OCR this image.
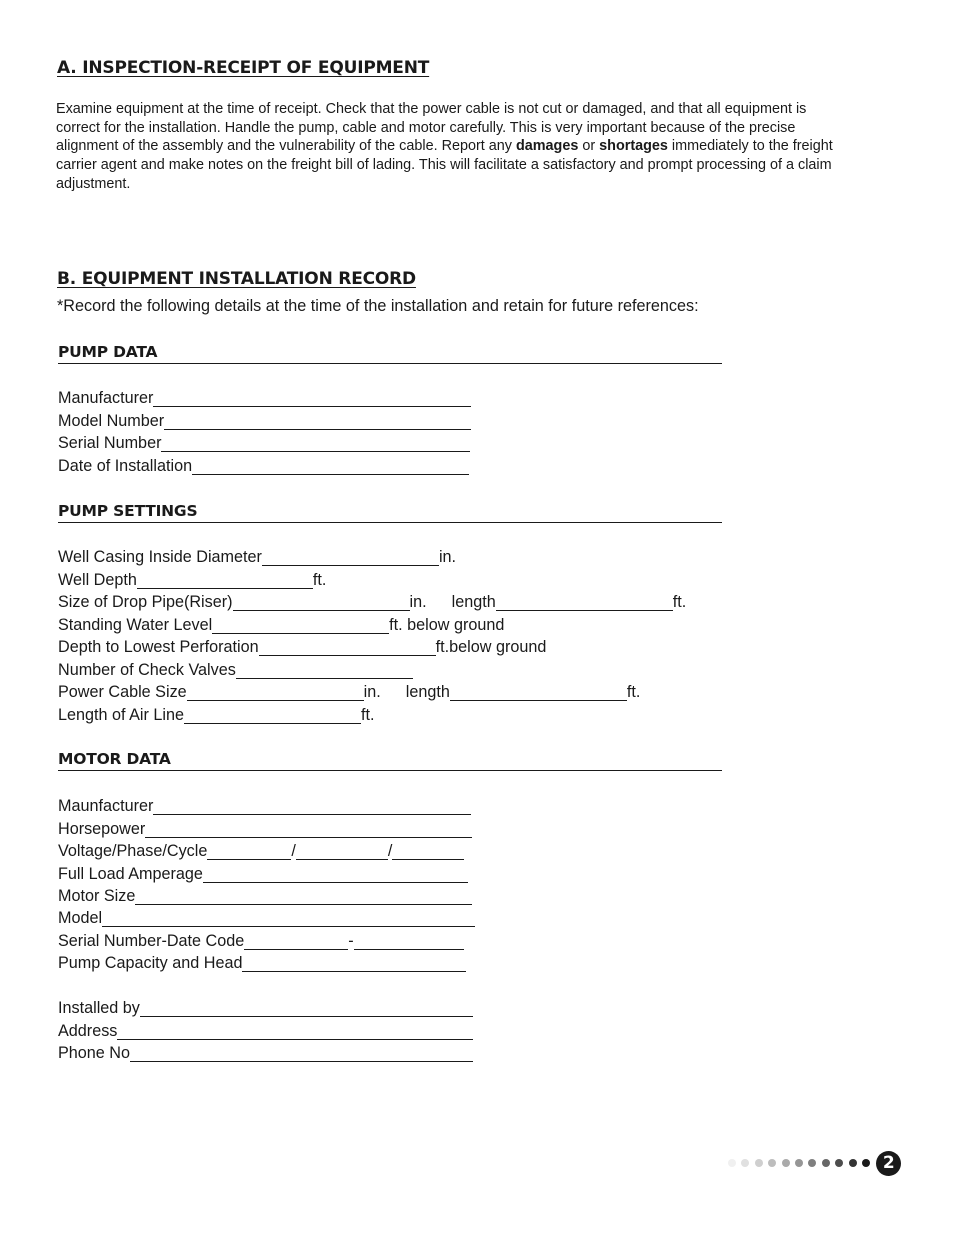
A. INSPECTION-RECEIPT OF EQUIPMENT

Examine equipment at the time of receipt. Check that the power cable is not cut or damaged, and that all equipment is correct for the installation. Handle the pump, cable and motor carefully. This is very important because of the precise alignment of the assembly and the vulnerability of the cable. Report any damages or shortages immediately to the freight carrier agent and make notes on the freight bill of lading. This will facilitate a satisfactory and prompt processing of a claim adjustment.

B. EQUIPMENT INSTALLATION RECORD

*Record the following details at the time of the installation and retain for future references:

PUMP DATA
Manufacturer
Model Number
Serial Number
Date of Installation
PUMP SETTINGS
Well Casing Inside Diameter	in.
Well Depth	ft.
Size of Drop Pipe(Riser)	in. length	ft.
Standing Water Level	ft. below ground
Depth to Lowest Perforation	ft.below ground
Number of Check Valves
Power Cable Size	in. length	ft.
Length of Air Line	ft.
MOTOR DATA
Maunfacturer
Horsepower
Voltage/Phase/Cycle	/	/
Full Load Amperage
Motor Size
Model
Serial Number-Date Code	-
Pump Capacity and Head
Installed by
Address
Phone No
2
